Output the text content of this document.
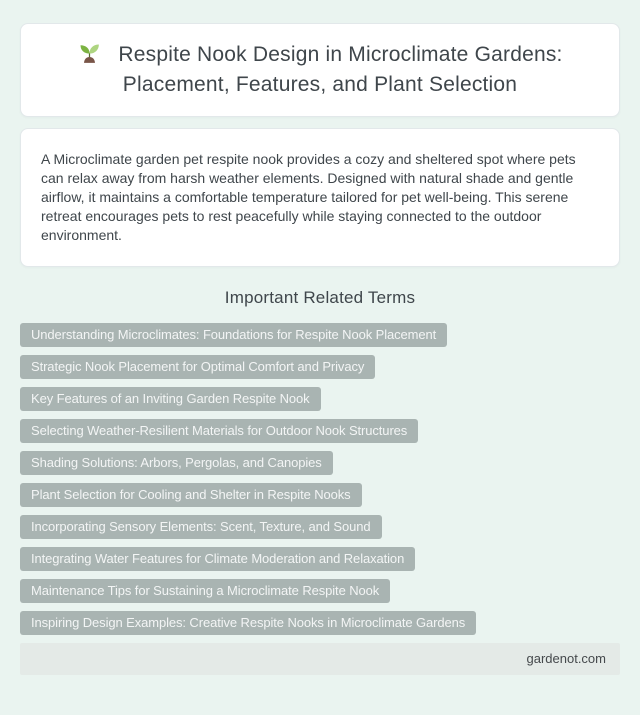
Respite Nook Design in Microclimate Gardens: Placement, Features, and Plant Selection

A Microclimate garden pet respite nook provides a cozy and sheltered spot where pets can relax away from harsh weather elements. Designed with natural shade and gentle airflow, it maintains a comfortable temperature tailored for pet well-being. This serene retreat encourages pets to rest peacefully while staying connected to the outdoor environment.

Important Related Terms
Understanding Microclimates: Foundations for Respite Nook Placement
Strategic Nook Placement for Optimal Comfort and Privacy
Key Features of an Inviting Garden Respite Nook
Selecting Weather-Resilient Materials for Outdoor Nook Structures
Shading Solutions: Arbors, Pergolas, and Canopies
Plant Selection for Cooling and Shelter in Respite Nooks
Incorporating Sensory Elements: Scent, Texture, and Sound
Integrating Water Features for Climate Moderation and Relaxation
Maintenance Tips for Sustaining a Microclimate Respite Nook
Inspiring Design Examples: Creative Respite Nooks in Microclimate Gardens
gardenot.com
